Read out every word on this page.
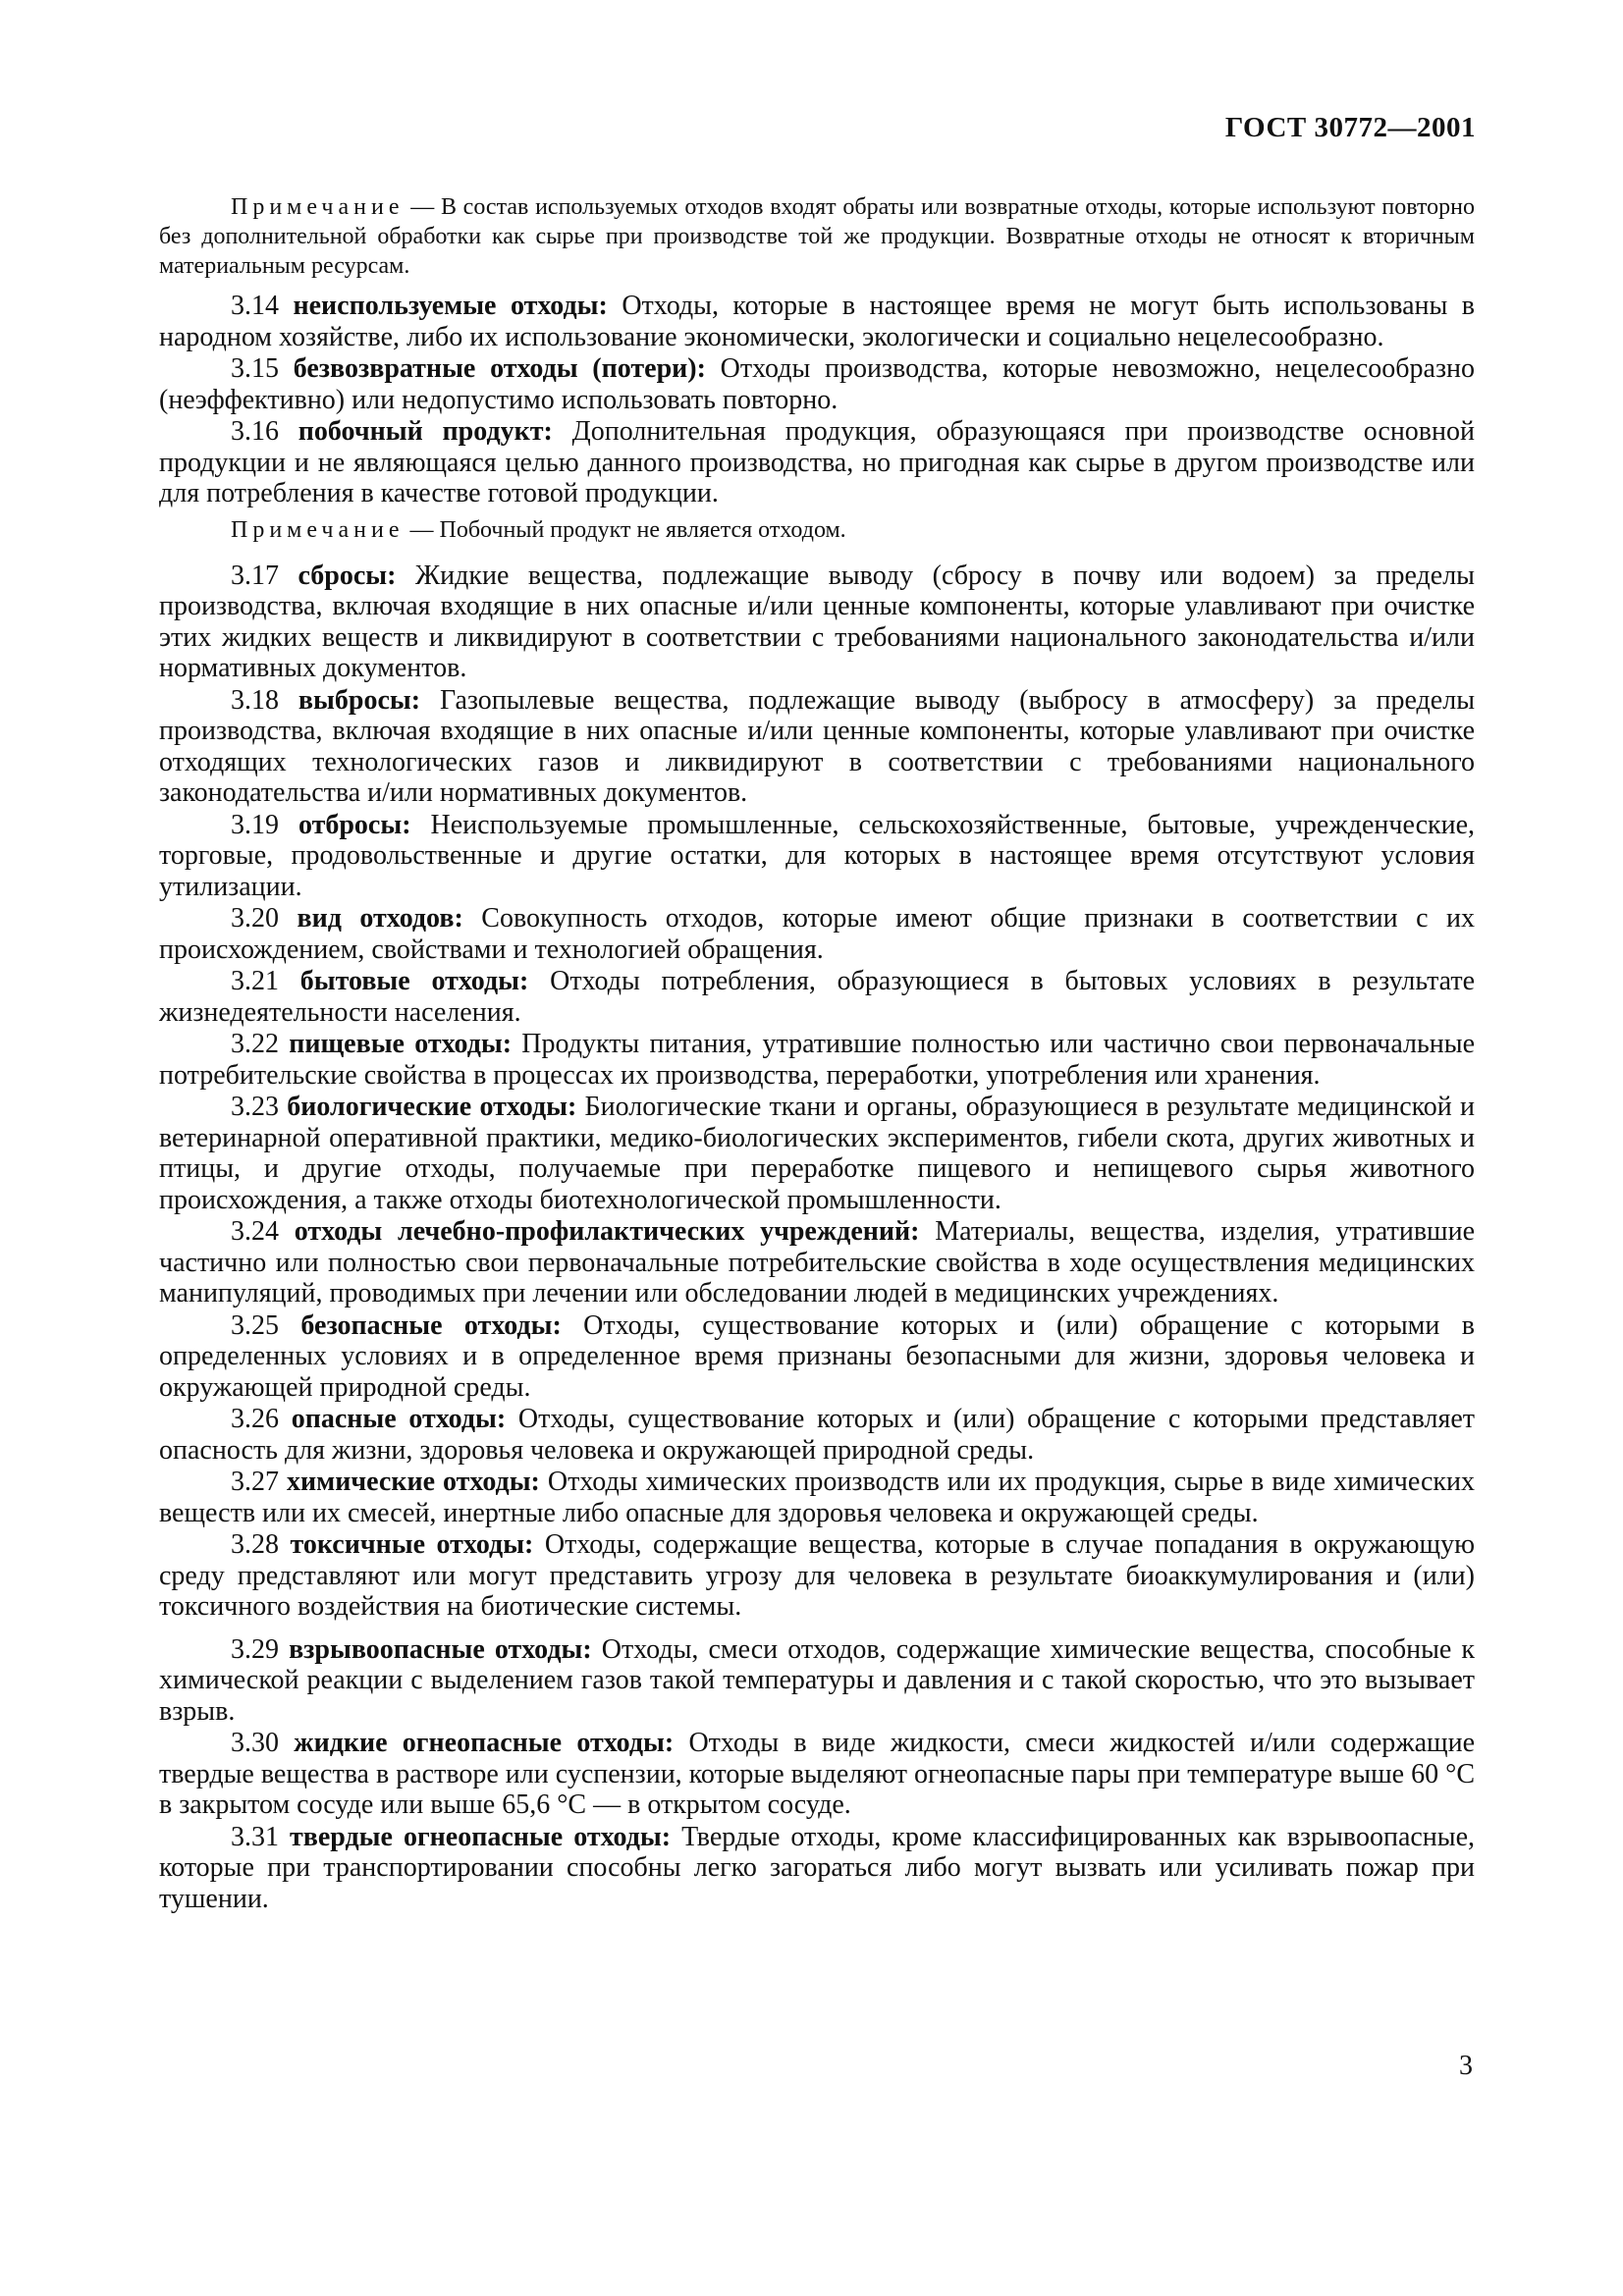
ГОСТ 30772—2001

Примечание — В состав используемых отходов входят обраты или возвратные отходы, которые используют повторно без дополнительной обработки как сырье при производстве той же продукции. Возвратные отходы не относят к вторичным материальным ресурсам.

3.14 неиспользуемые отходы: Отходы, которые в настоящее время не могут быть использованы в народном хозяйстве, либо их использование экономически, экологически и социально нецелесообразно.

3.15 безвозвратные отходы (потери): Отходы производства, которые невозможно, нецелесообразно (неэффективно) или недопустимо использовать повторно.

3.16 побочный продукт: Дополнительная продукция, образующаяся при производстве основной продукции и не являющаяся целью данного производства, но пригодная как сырье в другом производстве или для потребления в качестве готовой продукции.

Примечание — Побочный продукт не является отходом.

3.17 сбросы: Жидкие вещества, подлежащие выводу (сбросу в почву или водоем) за пределы производства, включая входящие в них опасные и/или ценные компоненты, которые улавливают при очистке этих жидких веществ и ликвидируют в соответствии с требованиями национального законодательства и/или нормативных документов.

3.18 выбросы: Газопылевые вещества, подлежащие выводу (выбросу в атмосферу) за пределы производства, включая входящие в них опасные и/или ценные компоненты, которые улавливают при очистке отходящих технологических газов и ликвидируют в соответствии с требованиями национального законодательства и/или нормативных документов.

3.19 отбросы: Неиспользуемые промышленные, сельскохозяйственные, бытовые, учрежденческие, торговые, продовольственные и другие остатки, для которых в настоящее время отсутствуют условия утилизации.

3.20 вид отходов: Совокупность отходов, которые имеют общие признаки в соответствии с их происхождением, свойствами и технологией обращения.

3.21 бытовые отходы: Отходы потребления, образующиеся в бытовых условиях в результате жизнедеятельности населения.

3.22 пищевые отходы: Продукты питания, утратившие полностью или частично свои первоначальные потребительские свойства в процессах их производства, переработки, употребления или хранения.

3.23 биологические отходы: Биологические ткани и органы, образующиеся в результате медицинской и ветеринарной оперативной практики, медико-биологических экспериментов, гибели скота, других животных и птицы, и другие отходы, получаемые при переработке пищевого и непищевого сырья животного происхождения, а также отходы биотехнологической промышленности.

3.24 отходы лечебно-профилактических учреждений: Материалы, вещества, изделия, утратившие частично или полностью свои первоначальные потребительские свойства в ходе осуществления медицинских манипуляций, проводимых при лечении или обследовании людей в медицинских учреждениях.

3.25 безопасные отходы: Отходы, существование которых и (или) обращение с которыми в определенных условиях и в определенное время признаны безопасными для жизни, здоровья человека и окружающей природной среды.

3.26 опасные отходы: Отходы, существование которых и (или) обращение с которыми представляет опасность для жизни, здоровья человека и окружающей природной среды.

3.27 химические отходы: Отходы химических производств или их продукция, сырье в виде химических веществ или их смесей, инертные либо опасные для здоровья человека и окружающей среды.

3.28 токсичные отходы: Отходы, содержащие вещества, которые в случае попадания в окружающую среду представляют или могут представить угрозу для человека в результате биоаккумулирования и (или) токсичного воздействия на биотические системы.

3.29 взрывоопасные отходы: Отходы, смеси отходов, содержащие химические вещества, способные к химической реакции с выделением газов такой температуры и давления и с такой скоростью, что это вызывает взрыв.

3.30 жидкие огнеопасные отходы: Отходы в виде жидкости, смеси жидкостей и/или содержащие твердые вещества в растворе или суспензии, которые выделяют огнеопасные пары при температуре выше 60 °С в закрытом сосуде или выше 65,6 °С — в открытом сосуде.

3.31 твердые огнеопасные отходы: Твердые отходы, кроме классифицированных как взрывоопасные, которые при транспортировании способны легко загораться либо могут вызвать или усиливать пожар при тушении.

3
